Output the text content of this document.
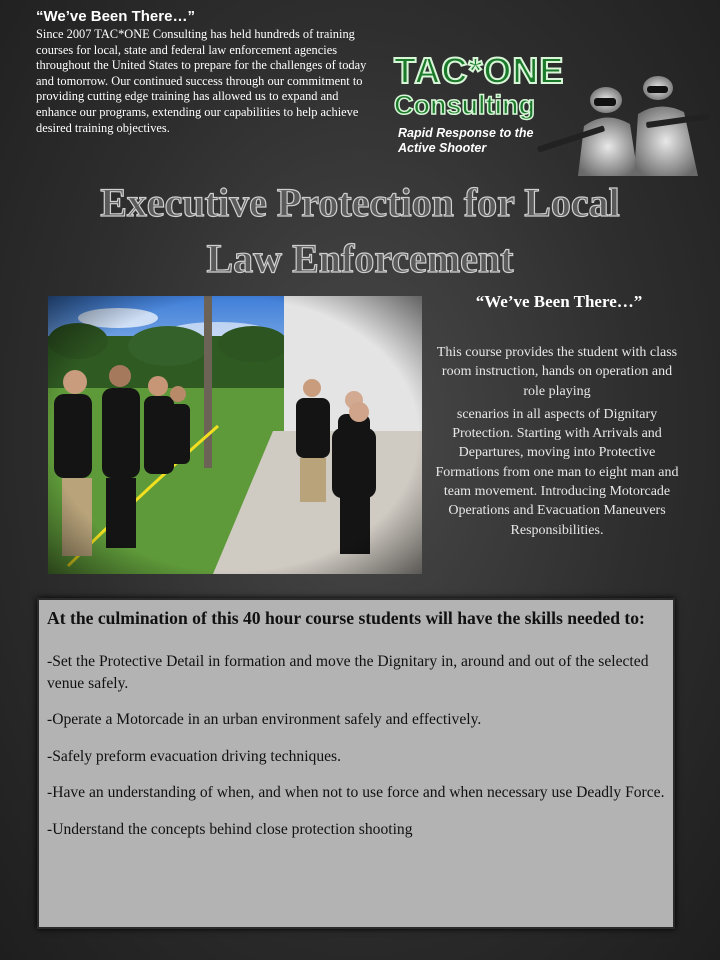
“We’ve Been There…”
Since 2007 TAC*ONE Consulting has held hundreds of training courses for local, state and federal law enforcement agencies throughout the United States to prepare for the challenges of today and tomorrow. Our continued success through our commitment to providing cutting edge training has allowed us to expand and enhance our programs, extending our capabilities to help achieve desired training objectives.
TAC*ONE
Consulting
Rapid Response to the
Active Shooter
Executive Protection for Local
Law Enforcement
“We’ve Been There…”

This course provides the student with class room instruction, hands on operation and role playing

scenarios in all aspects of Dignitary Protection. Starting with Arrivals and Departures, moving into Protective Formations from one man to eight man and team movement. Introducing Motorcade Operations and Evacuation Maneuvers Responsibilities.

At the culmination of this 40 hour course students will have the skills needed to:

-Set the Protective Detail in formation and move the Dignitary in, around and out of the selected venue safely.
-Operate a Motorcade in an urban environment safely and effectively.
-Safely preform evacuation driving techniques.
-Have an understanding of when, and when not to use force and when necessary use Deadly Force.
-Understand the concepts behind close protection shooting
